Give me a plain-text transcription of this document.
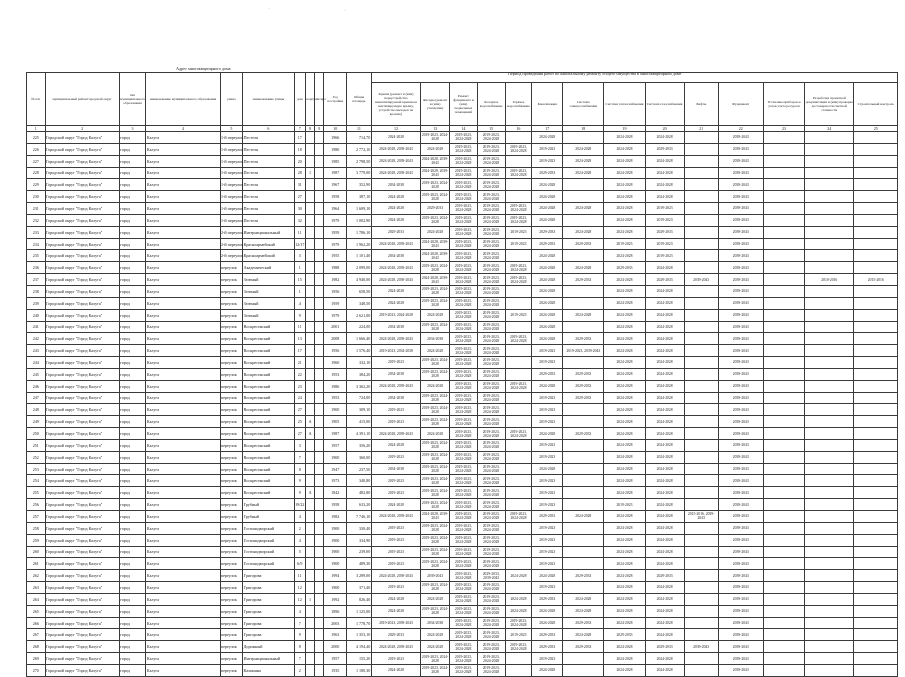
·	·
Адрес многоквартирного дома
Период проведения работ по капитальному ремонту общего имущества в многоквартирном доме
№ п/п	муниципальный район/городской округ	тип муниципального образования	наименование муниципального образования	улица	наименование улицы	дом	корпус	литера	Год постройки	Общая площадь														
											Крыша (ремонт и (или) переустройство невентилируемой крыши на вентилируемую крышу, устройство выходов на кровлю)	Фасады (ремонт и (или) утепление)	Ремонт фундамента и (или) подвальных помещений	Холодное водоснабжение	Горячее водоснабжение	Канализация	Система электроснабжения	Система теплоснабжения	Система газоснабжения	Лифты	Фундамент	Установка приборов и узлов учета ресурсов	Разработка проектной документации и (или) проверка достоверности сметной стоимости	Строительный контроль
1	2	3	4	5	6	7	8	9	10	11	12	13	14	15	16	17	18	19	20	21	22	23	24	25
225	Городской округ "Город Калуга"	город	Калуга	1-й переулок	Пестеля	17			1966	714,70	2024-2028	2019-2023, 2024-2028	2019-2023, 2024-2028	2019-2023, 2024-2028		2024-2028		2024-2028	2024-2028		2039-2043			
226	Городской округ "Город Калуга"	город	Калуга	1-й переулок	Пестеля	18			1980	2 772,10	2024-2028, 2039-2043	2024-2028	2019-2023, 2024-2028	2019-2023, 2024-2028	2019-2023, 2024-2028	2019-2023	2024-2028	2024-2028	2029-2033		2039-2043			
227	Городской округ "Город Калуга"	город	Калуга	1-й переулок	Пестеля	20			1985	2 798,50	2024-2028, 2039-2043	2024-2028, 2039-2043	2019-2023, 2024-2028	2019-2023, 2024-2028		2019-2023	2024-2028	2024-2028	2024-2028		2039-2043			
228	Городской округ "Город Калуга"	город	Калуга	1-й переулок	Пестеля	28	1		1987	3 779,00	2024-2028, 2039-2043	2024-2028, 2039-2043	2019-2023, 2024-2028	2019-2023, 2024-2028	2019-2023, 2024-2028	2029-2033	2024-2028	2024-2028	2024-2028		2039-2043			
229	Городской округ "Город Калуга"	город	Калуга	1-й переулок	Пестеля	31			1967	352,90	2034-2038	2019-2023, 2024-2028	2019-2023, 2024-2028	2019-2023, 2024-2028		2024-2028		2024-2028	2024-2028		2039-2043			
230	Городской округ "Город Калуга"	город	Калуга	1-й переулок	Пестеля	27			1958	387,10	2024-2028	2019-2023, 2024-2028	2019-2023, 2024-2028	2019-2023, 2024-2028		2024-2028		2024-2028	2024-2028		2039-2043			
231	Городской округ "Город Калуга"	город	Калуга	1-й переулок	Пестеля	30			1964	1 609,10	2024-2028	2029-2033	2019-2023, 2024-2028	2019-2023, 2024-2028	2019-2023, 2024-2028	2024-2028	2024-2028	2024-2028	2019-2023		2039-2043			
232	Городской округ "Город Калуга"	город	Калуга	1-й переулок	Пестеля	32			1979	1 002,90	2024-2028	2019-2023, 2024-2028	2019-2023, 2024-2028	2019-2023, 2024-2028	2019-2023, 2024-2028	2024-2028		2024-2028	2019-2023		2039-2043			
233	Городской округ "Город Калуга"	город	Калуга	2-й переулок	Интернациональный	11			1959	1 786,10	2029-2033	2024-2028	2019-2023, 2024-2028	2019-2023, 2024-2028	2019-2023	2029-2033	2024-2028	2024-2028	2029-2033		2039-2043			
234	Городской округ "Город Калуга"	город	Калуга	2-й переулок	Красноармейский	12/17			1979	1 962,20	2024-2028, 2039-2043	2024-2028, 2039-2043	2019-2023, 2024-2028	2019-2023, 2024-2028	2019-2023	2029-2033	2029-2033	2019-2023	2019-2023		2039-2043			
235	Городской округ "Город Калуга"	город	Калуга	2-й переулок	Красноармейский	3			1955	1 101,40	2034-2038	2024-2028, 2039-2043	2019-2023, 2024-2028	2019-2023, 2024-2028		2024-2028		2024-2028	2019-2023		2039-2043			
236	Городской округ "Город Калуга"	город	Калуга	переулок	Академический	1			1988	2 099,00	2024-2028, 2039-2043	2019-2023, 2024-2028	2019-2023, 2024-2028	2019-2023, 2024-2028	2019-2023, 2024-2028	2024-2028	2024-2028	2029-2033	2024-2028		2039-2043			
237	Городской округ "Город Калуга"	город	Калуга	переулок	Зеленый	15			1982	4 940,00	2024-2028, 2039-2043	2024-2028, 2039-2043	2019-2023, 2024-2028	2019-2023, 2024-2028	2019-2023, 2024-2028	2024-2028	2029-2033	2024-2028	2029-2033	2039-2043	2039-2043		2010-2016	2015-2016
238	Городской округ "Город Калуга"	город	Калуга	переулок	Зеленый	1			1956	658,50	2024-2028	2019-2023, 2024-2028	2019-2023, 2024-2028	2019-2023, 2024-2028		2024-2028		2024-2028	2024-2028		2039-2043			
239	Городской округ "Город Калуга"	город	Калуга	переулок	Зеленый	4			1959	348,50	2024-2028	2019-2023, 2024-2028	2019-2023, 2024-2028	2019-2023, 2024-2028		2024-2028		2024-2028	2024-2028		2039-2043			
240	Городской округ "Город Калуга"	город	Калуга	переулок	Зеленый	9			1979	2 621,00	2019-2023, 2024-2028	2024-2028	2019-2023, 2024-2028	2019-2023, 2024-2028	2019-2023	2024-2028	2024-2028	2024-2028	2024-2028		2039-2043			
241	Городской округ "Город Калуга"	город	Калуга	переулок	Воскресенский	11			2001	224,00	2034-2038	2019-2023, 2024-2028	2019-2023, 2024-2028	2019-2023, 2024-2028		2024-2028		2024-2028	2024-2028		2039-2043			
242	Городской округ "Город Калуга"	город	Калуга	переулок	Воскресенский	13			2008	1 666,40	2024-2028, 2039-2043	2034-2038	2019-2023, 2024-2028	2019-2023, 2024-2028	2019-2023, 2024-2028	2024-2028	2029-2033	2024-2028	2024-2028		2039-2043			
243	Городской округ "Город Калуга"	город	Калуга	переулок	Воскресенский	17			1956	1 576,40	2019-2023, 2034-2038	2024-2028	2019-2023, 2024-2028	2019-2023, 2024-2028		2019-2023	2019-2023, 2039-2043	2024-2028	2024-2028		2039-2043			
244	Городской округ "Город Калуга"	город	Калуга	переулок	Воскресенский	21			1960	332,10	2019-2023	2019-2023, 2024-2028	2019-2023, 2024-2028	2019-2023, 2024-2028		2019-2023		2024-2028	2024-2028		2039-2043			
245	Городской округ "Город Калуга"	город	Калуга	переулок	Воскресенский	22			1953	384,20	2034-2038	2019-2023, 2024-2028	2019-2023, 2024-2028	2019-2023, 2024-2028		2029-2033	2029-2033	2024-2028	2024-2028		2039-2043			
246	Городской округ "Город Калуга"	город	Калуга	переулок	Воскресенский	23			1986	3 362,20	2024-2028, 2039-2043	2024-2028	2019-2023, 2024-2028	2019-2023, 2024-2028	2019-2023, 2024-2028	2024-2028	2029-2033	2024-2028	2024-2028		2039-2043			
247	Городской округ "Город Калуга"	город	Калуга	переулок	Воскресенский	24			1953	724,00	2034-2038	2019-2023, 2024-2028	2019-2023, 2024-2028	2019-2023, 2024-2028		2019-2023	2029-2033	2024-2028	2024-2028		2039-2043			
248	Городской округ "Город Калуга"	город	Калуга	переулок	Воскресенский	27			1900	309,10	2019-2023	2019-2023, 2024-2028	2019-2023, 2024-2028	2019-2023, 2024-2028		2019-2023		2024-2028	2024-2028		2039-2043			
249	Городской округ "Город Калуга"	город	Калуга	переулок	Воскресенский	25	А		1905	415,00	2019-2023	2019-2023, 2024-2028	2019-2023, 2024-2028	2019-2023, 2024-2028		2019-2023		2024-2028	2024-2028		2039-2043			
250	Городской округ "Город Калуга"	город	Калуга	переулок	Воскресенский	27	А		1987	4 391,10	2024-2028, 2039-2043	2024-2028	2019-2023, 2024-2028	2019-2023, 2024-2028	2019-2023, 2024-2028	2024-2028	2029-2033	2024-2028	2024-2028		2039-2043			
251	Городской округ "Город Калуга"	город	Калуга	переулок	Воскресенский	3			1957	356,20	2024-2028	2019-2023, 2024-2028	2019-2023, 2024-2028	2019-2023, 2024-2028		2019-2023		2024-2028	2024-2028		2039-2043			
252	Городской округ "Город Калуга"	город	Калуга	переулок	Воскресенский	7			1900	360,00	2019-2023	2019-2023, 2024-2028	2019-2023, 2024-2028	2019-2023, 2024-2028		2019-2023		2024-2028	2024-2028		2039-2043			
253	Городской округ "Город Калуга"	город	Калуга	переулок	Воскресенский	8			1947	237,50	2034-2038	2019-2023, 2024-2028	2019-2023, 2024-2028	2019-2023, 2024-2028		2024-2028		2024-2028	2024-2028		2039-2043			
254	Городской округ "Город Калуга"	город	Калуга	переулок	Воскресенский	9			1973	340,80	2019-2023	2019-2023, 2024-2028	2019-2023, 2024-2028	2019-2023, 2024-2028		2019-2023		2024-2028	2024-2028		2039-2043			
255	Городской округ "Город Калуга"	город	Калуга	переулок	Воскресенский	9	А		1842	482,80	2019-2023	2019-2023, 2024-2028	2019-2023, 2024-2028	2019-2023, 2024-2028		2019-2023		2024-2028	2024-2028		2039-2043			
256	Городской округ "Город Калуга"	город	Калуга	переулок	Грубный	19/22			1958	633,20	2024-2028	2019-2023, 2024-2028	2019-2023, 2024-2028	2019-2023, 2024-2028		2019-2023		2019-2023	2024-2028		2039-2043			
257	Городской округ "Город Калуга"	город	Калуга	переулок	Грубный	4			1982	7 746,10	2024-2028, 2039-2043	2024-2028, 2039-2043	2019-2023, 2024-2028	2019-2023, 2024-2028	2019-2023, 2024-2028	2029-2033	2024-2028	2024-2028	2024-2028	2015-2016, 2039-2043	2039-2043			
258	Городской округ "Город Калуга"	город	Калуга	переулок	Гостинодворский	2			1900	330,40	2019-2023	2019-2023, 2024-2028	2019-2023, 2024-2028	2019-2023, 2024-2028		2019-2023		2024-2028	2024-2028		2039-2043			
259	Городской округ "Город Калуга"	город	Калуга	переулок	Гостинодворский	4			1900	334,90	2019-2023	2019-2023, 2024-2028	2019-2023, 2024-2028	2019-2023, 2024-2028		2019-2023		2024-2028	2024-2028		2039-2043			
260	Городской округ "Город Калуга"	город	Калуга	переулок	Гостинодворский	5			1900	239,00	2019-2023	2019-2023, 2024-2028	2019-2023, 2024-2028	2019-2023, 2024-2028		2019-2023		2024-2028	2024-2028		2039-2043			
261	Городской округ "Город Калуга"	город	Калуга	переулок	Гостинодворский	6/9			1900	489,30	2019-2023	2019-2023, 2024-2028	2019-2023, 2024-2028	2019-2023, 2024-2028		2019-2023		2024-2028	2024-2028		2039-2043			
262	Городской округ "Город Калуга"	город	Калуга	переулок	Григорова	11			1994	3 289,00	2024-2028, 2039-2043	2039-2043	2019-2023, 2024-2028	2029-2033, 2039-2043	2024-2028	2024-2028	2029-2033	2024-2028	2029-2033		2039-2043			
263	Городской округ "Город Калуга"	город	Калуга	переулок	Григорова	12			1900	371,40	2019-2023	2019-2023, 2024-2028	2019-2023, 2024-2028	2019-2023, 2024-2028		2019-2023		2024-2028	2024-2028		2039-2043			
264	Городской округ "Город Калуга"	город	Калуга	переулок	Григорова	12	1		1992	826,40	2024-2028	2024-2028	2019-2023, 2024-2028	2019-2023, 2024-2028	2024-2028	2029-2033	2024-2028	2024-2028	2024-2028		2039-2043			
265	Городской округ "Город Калуга"	город	Калуга	переулок	Григорова	4			1896	1 125,00	2024-2028	2019-2023, 2024-2028	2019-2023, 2024-2028	2019-2023, 2024-2028	2024-2028	2024-2028	2024-2028	2024-2028	2024-2028		2039-2043			
266	Городской округ "Город Калуга"	город	Калуга	переулок	Григорова	7			2003	1 778,70	2019-2023, 2039-2043	2034-2038	2019-2023, 2024-2028	2019-2023, 2024-2028	2019-2023, 2024-2028	2024-2028	2029-2033	2024-2028	2024-2028		2039-2043			
267	Городской округ "Город Калуга"	город	Калуга	переулок	Григорова	9			1963	1 353,10	2029-2033	2024-2028	2019-2023, 2024-2028	2019-2023, 2024-2028	2019-2023	2029-2033	2024-2028	2029-2033	2024-2028		2039-2043			
268	Городской округ "Город Калуга"	город	Калуга	переулок	Дорожный	8			2000	4 194,40	2024-2028, 2039-2043	2024-2028	2019-2023, 2024-2028	2019-2023, 2024-2028	2019-2023, 2024-2028	2029-2033	2029-2033	2024-2028	2029-2033	2039-2043	2039-2043			
269	Городской округ "Город Калуга"	город	Калуга	переулок	Интернациональный	7			1957	155,20	2019-2023	2019-2023, 2024-2028	2019-2023, 2024-2028	2019-2023, 2024-2028		2019-2023		2024-2028	2024-2028		2039-2043			
270	Городской округ "Город Калуга"	город	Калуга	переулок	Калинина	2			1935	1 180,30	2024-2028	2019-2023, 2024-2028	2019-2023, 2024-2028	2019-2023, 2024-2028		2024-2028		2024-2028	2024-2028		2039-2043			
